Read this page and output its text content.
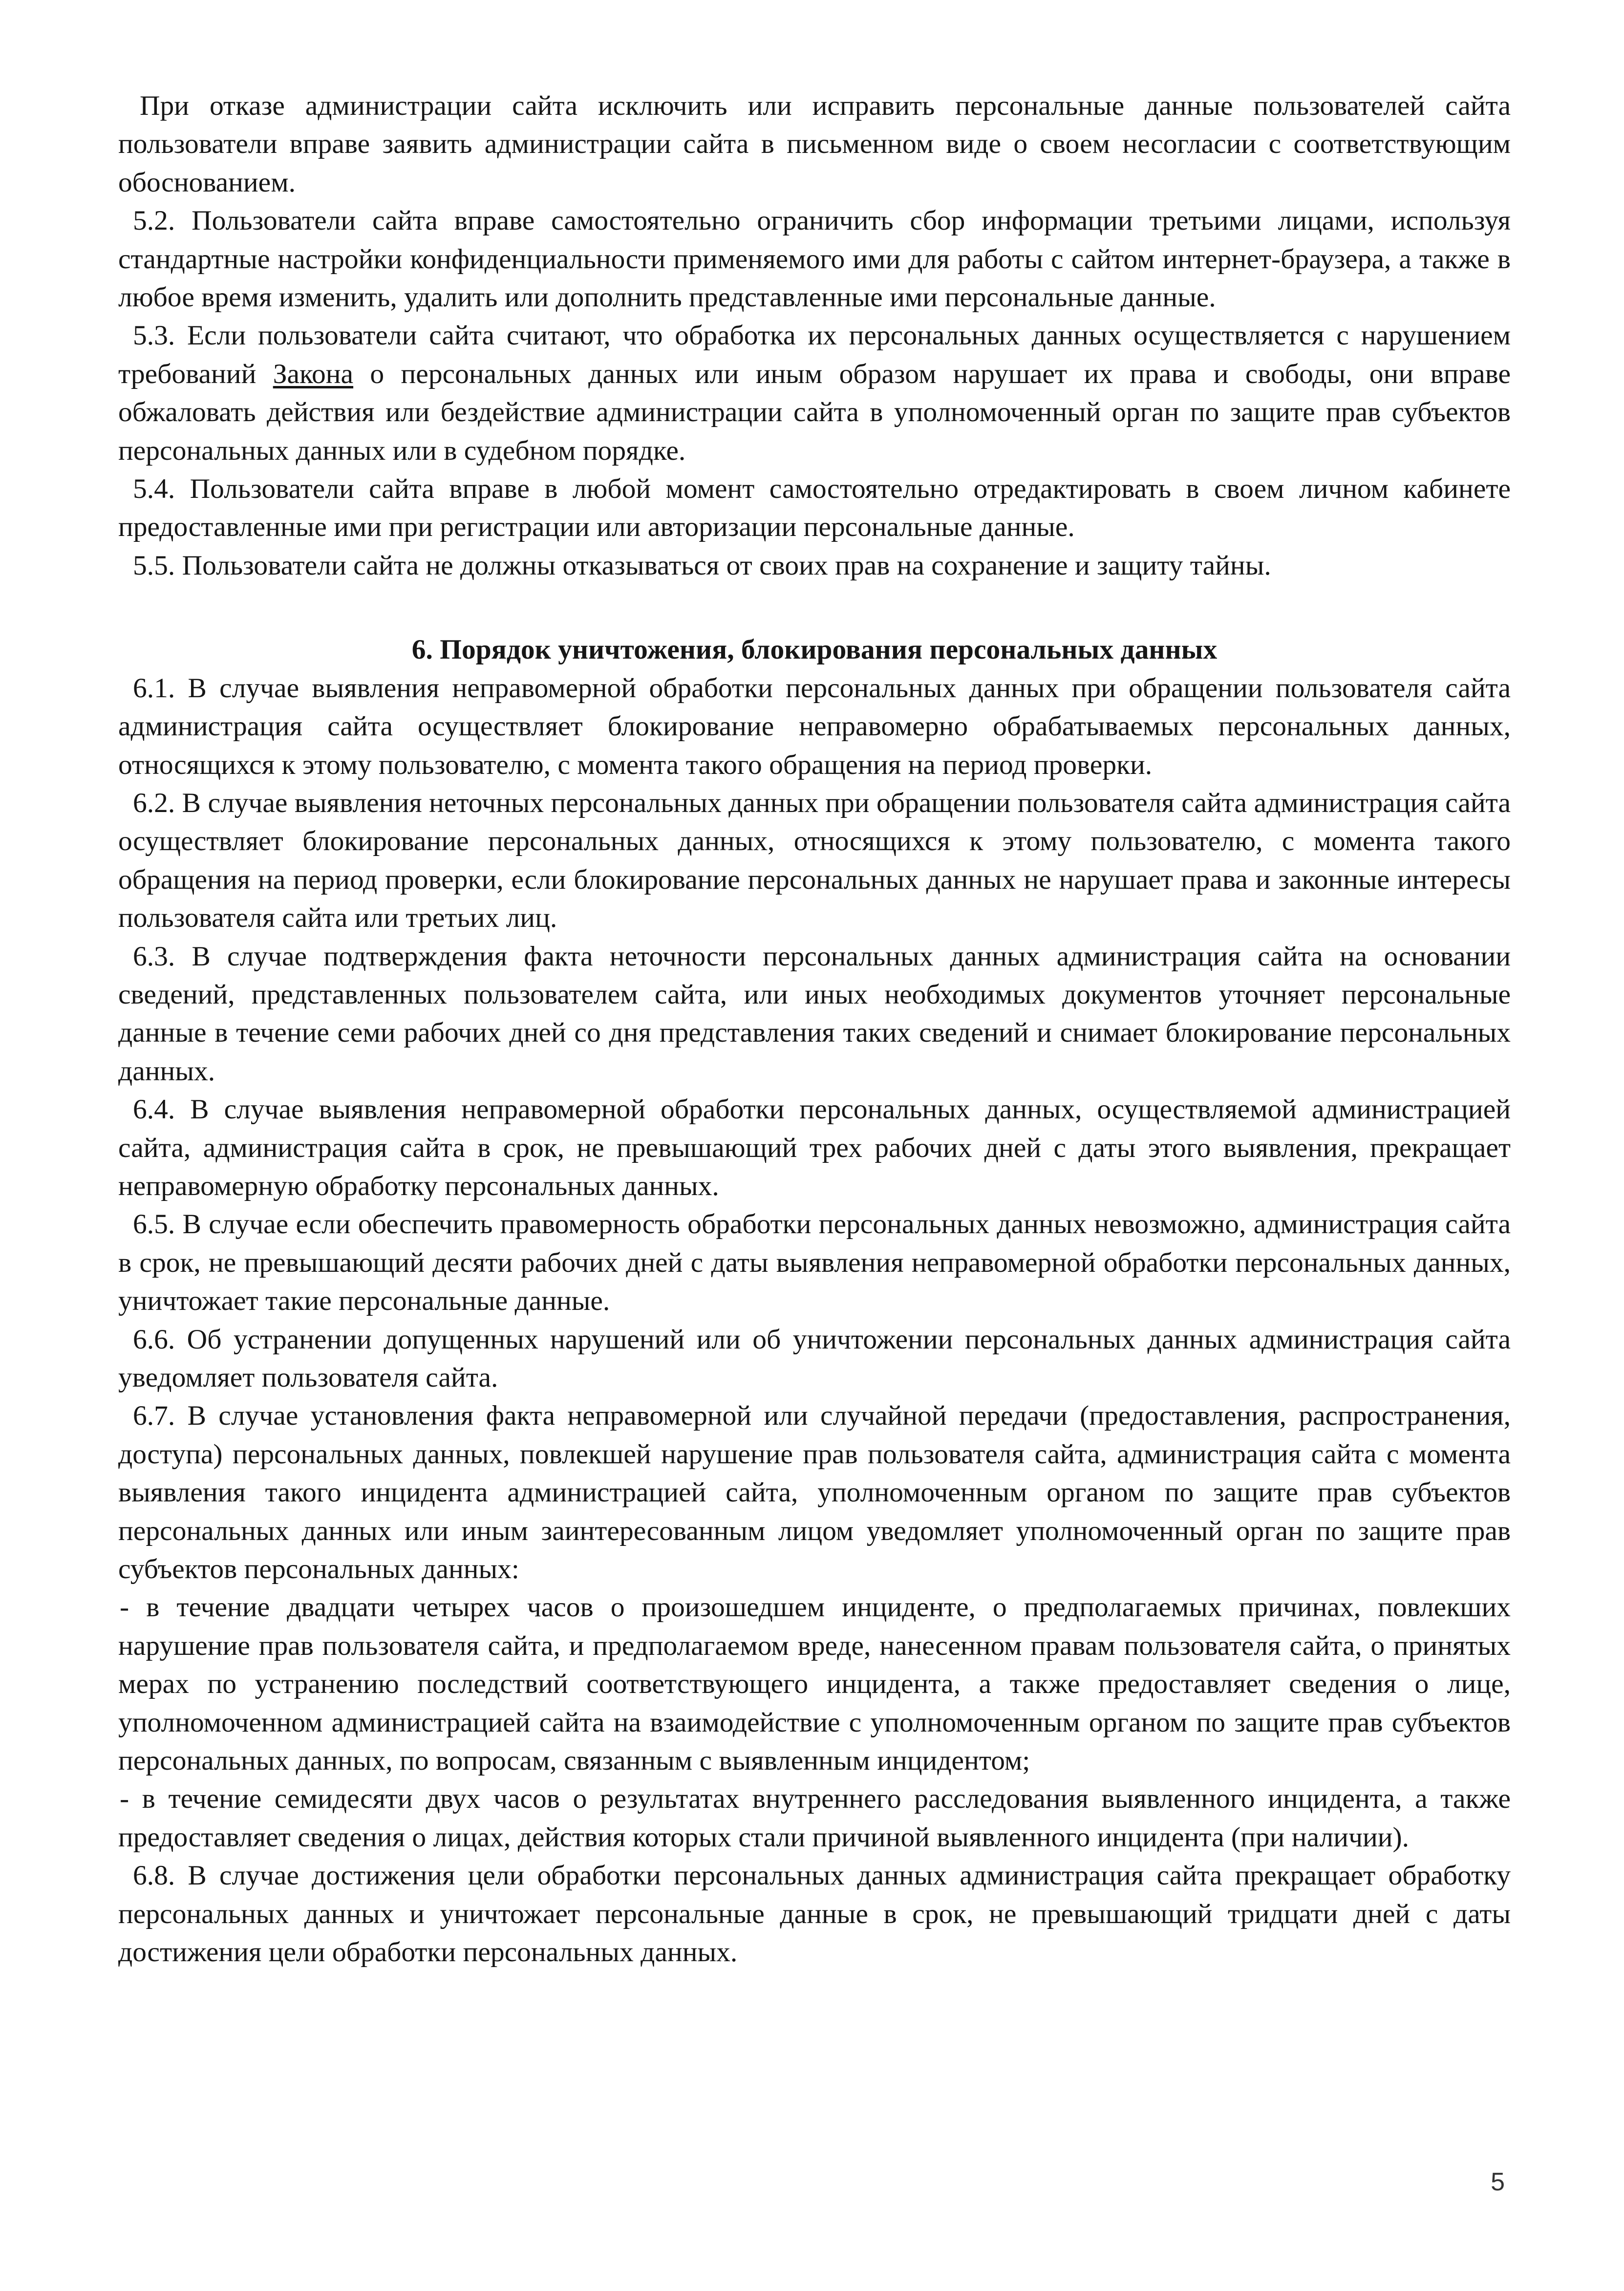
При отказе администрации сайта исключить или исправить персональные данные пользователей сайта пользователи вправе заявить администрации сайта в письменном виде о своем несогласии с соответствующим обоснованием.

5.2. Пользователи сайта вправе самостоятельно ограничить сбор информации третьими лицами, используя стандартные настройки конфиденциальности применяемого ими для работы с сайтом интернет-браузера, а также в любое время изменить, удалить или дополнить представленные ими персональные данные.

5.3. Если пользователи сайта считают, что обработка их персональных данных осуществляется с нарушением требований Закона о персональных данных или иным образом нарушает их права и свободы, они вправе обжаловать действия или бездействие администрации сайта в уполномоченный орган по защите прав субъектов персональных данных или в судебном порядке.

5.4. Пользователи сайта вправе в любой момент самостоятельно отредактировать в своем личном кабинете предоставленные ими при регистрации или авторизации персональные данные.

5.5. Пользователи сайта не должны отказываться от своих прав на сохранение и защиту тайны.

6. Порядок уничтожения, блокирования персональных данных

6.1. В случае выявления неправомерной обработки персональных данных при обращении пользователя сайта администрация сайта осуществляет блокирование неправомерно обрабатываемых персональных данных, относящихся к этому пользователю, с момента такого обращения на период проверки.

6.2. В случае выявления неточных персональных данных при обращении пользователя сайта администрация сайта осуществляет блокирование персональных данных, относящихся к этому пользователю, с момента такого обращения на период проверки, если блокирование персональных данных не нарушает права и законные интересы пользователя сайта или третьих лиц.

6.3. В случае подтверждения факта неточности персональных данных администрация сайта на основании сведений, представленных пользователем сайта, или иных необходимых документов уточняет персональные данные в течение семи рабочих дней со дня представления таких сведений и снимает блокирование персональных данных.

6.4. В случае выявления неправомерной обработки персональных данных, осуществляемой администрацией сайта, администрация сайта в срок, не превышающий трех рабочих дней с даты этого выявления, прекращает неправомерную обработку персональных данных.

6.5. В случае если обеспечить правомерность обработки персональных данных невозможно, администрация сайта в срок, не превышающий десяти рабочих дней с даты выявления неправомерной обработки персональных данных, уничтожает такие персональные данные.

6.6. Об устранении допущенных нарушений или об уничтожении персональных данных администрация сайта уведомляет пользователя сайта.

6.7. В случае установления факта неправомерной или случайной передачи (предоставления, распространения, доступа) персональных данных, повлекшей нарушение прав пользователя сайта, администрация сайта с момента выявления такого инцидента администрацией сайта, уполномоченным органом по защите прав субъектов персональных данных или иным заинтересованным лицом уведомляет уполномоченный орган по защите прав субъектов персональных данных:

- в течение двадцати четырех часов о произошедшем инциденте, о предполагаемых причинах, повлекших нарушение прав пользователя сайта, и предполагаемом вреде, нанесенном правам пользователя сайта, о принятых мерах по устранению последствий соответствующего инцидента, а также предоставляет сведения о лице, уполномоченном администрацией сайта на взаимодействие с уполномоченным органом по защите прав субъектов персональных данных, по вопросам, связанным с выявленным инцидентом;

- в течение семидесяти двух часов о результатах внутреннего расследования выявленного инцидента, а также предоставляет сведения о лицах, действия которых стали причиной выявленного инцидента (при наличии).

6.8. В случае достижения цели обработки персональных данных администрация сайта прекращает обработку персональных данных и уничтожает персональные данные в срок, не превышающий тридцати дней с даты достижения цели обработки персональных данных.

5
